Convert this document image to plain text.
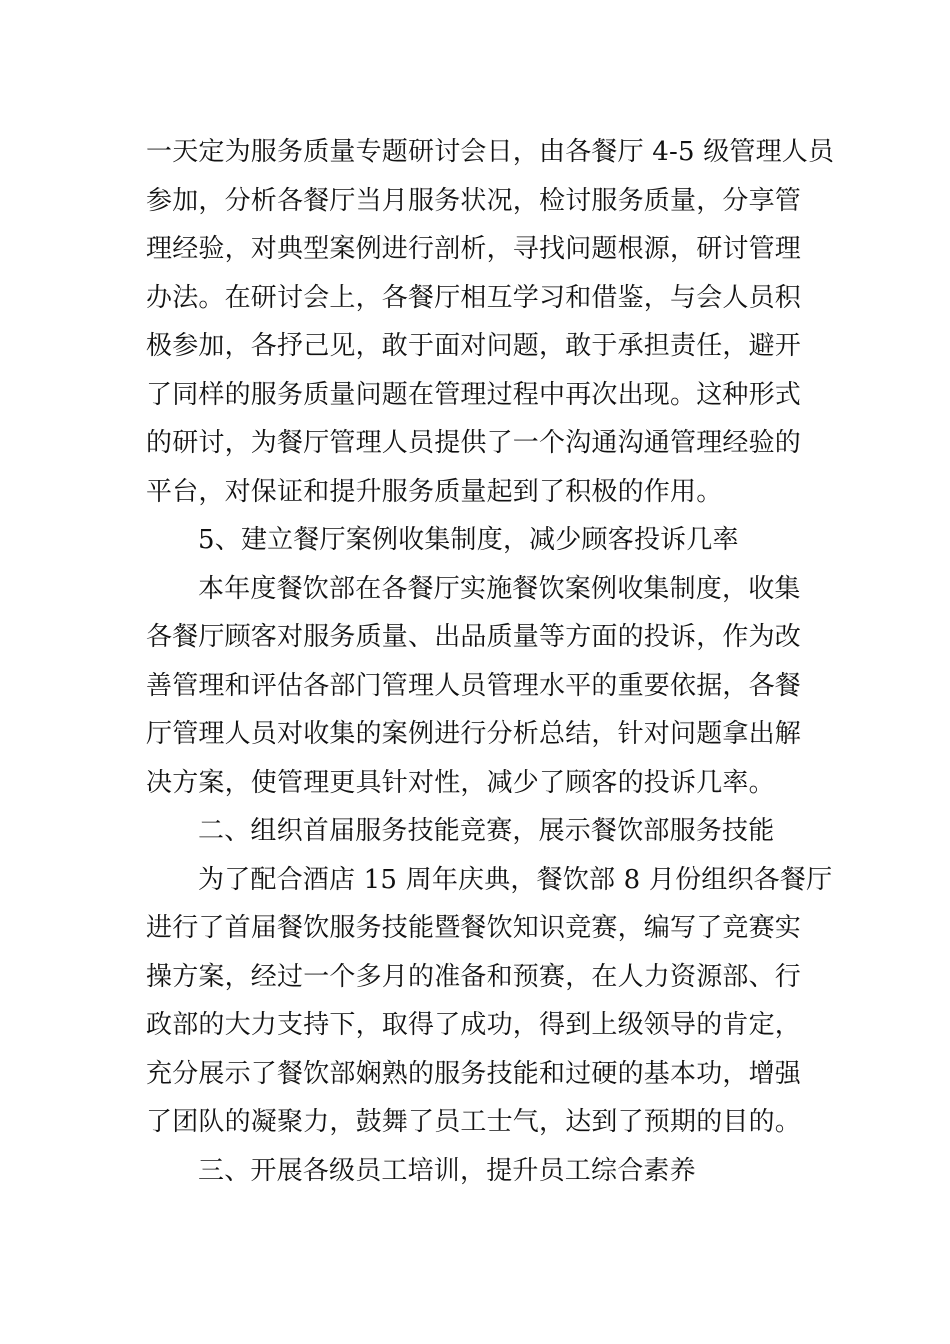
一天定为服务质量专题研讨会日，由各餐厅 4-5 级管理人员
参加，分析各餐厅当月服务状况，检讨服务质量，分享管
理经验，对典型案例进行剖析，寻找问题根源，研讨管理
办法。在研讨会上，各餐厅相互学习和借鉴，与会人员积
极参加，各抒己见，敢于面对问题，敢于承担责任，避开
了同样的服务质量问题在管理过程中再次出现。这种形式
的研讨，为餐厅管理人员提供了一个沟通沟通管理经验的
平台，对保证和提升服务质量起到了积极的作用。
5、建立餐厅案例收集制度，减少顾客投诉几率
本年度餐饮部在各餐厅实施餐饮案例收集制度，收集
各餐厅顾客对服务质量、出品质量等方面的投诉，作为改
善管理和评估各部门管理人员管理水平的重要依据，各餐
厅管理人员对收集的案例进行分析总结，针对问题拿出解
决方案，使管理更具针对性，减少了顾客的投诉几率。
二、组织首届服务技能竞赛，展示餐饮部服务技能
为了配合酒店 15 周年庆典，餐饮部 8 月份组织各餐厅
进行了首届餐饮服务技能暨餐饮知识竞赛，编写了竞赛实
操方案，经过一个多月的准备和预赛，在人力资源部、行
政部的大力支持下，取得了成功，得到上级领导的肯定，
充分展示了餐饮部娴熟的服务技能和过硬的基本功，增强
了团队的凝聚力，鼓舞了员工士气，达到了预期的目的。
三、开展各级员工培训，提升员工综合素养
